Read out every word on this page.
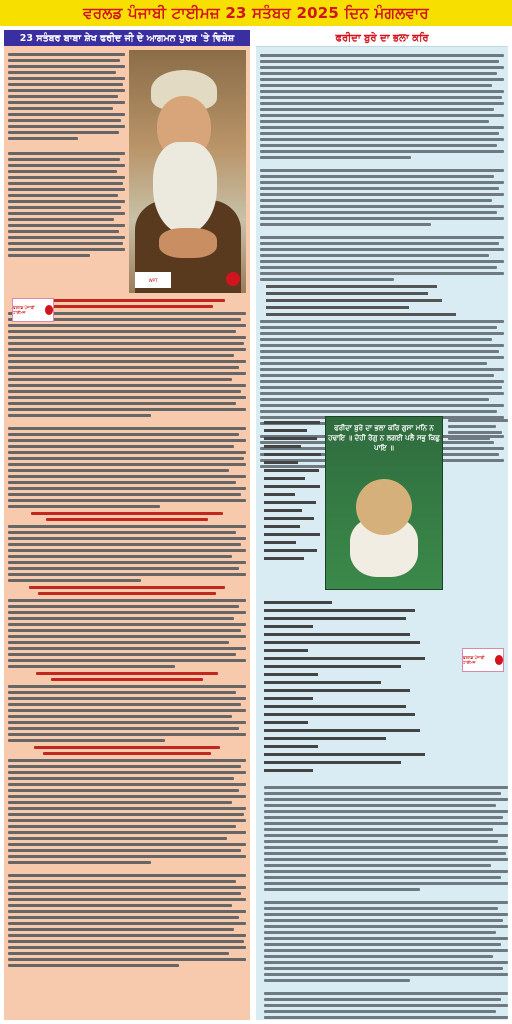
ਵਰਲਡ ਪੰਜਾਬੀ ਟਾਈਮਜ਼ 23 ਸਤੰਬਰ 2025 ਦਿਨ ਮੰਗਲਵਾਰ
23 ਸਤੰਬਰ ਬਾਬਾ ਸ਼ੇਖ ਫਰੀਦ ਜੀ ਦੇ ਆਗਮਨ ਪੁਰਬ 'ਤੇ ਵਿਸ਼ੇਸ਼
WPT
ਵਰਲਡ ਪੰਜਾਬੀ ਟਾਈਮਜ਼
ਫਰੀਦਾ ਬੁਰੇ ਦਾ ਭਲਾ ਕਰਿ
ਫਰੀਦਾ ਬੁਰੇ ਦਾ ਭਲਾ ਕਰਿ ਗੁਸਾ ਮਨਿ ਨ ਹਢਾਇ ॥ ਦੇਹੀ ਰੋਗੁ ਨ ਲਗਈ ਪਲੈ ਸਭੁ ਕਿਛੁ ਪਾਇ ॥
ਵਰਲਡ ਪੰਜਾਬੀ ਟਾਈਮਜ਼
